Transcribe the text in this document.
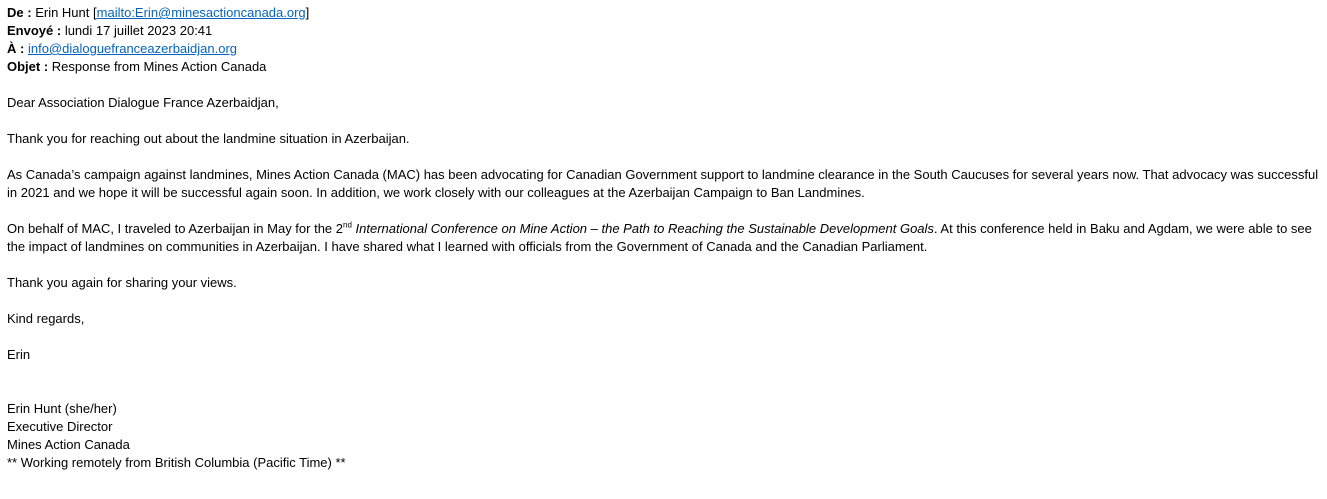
De : Erin Hunt [mailto:Erin@minesactioncanada.org]
Envoyé : lundi 17 juillet 2023 20:41
À : info@dialoguefranceazerbaidjan.org
Objet : Response from Mines Action Canada

Dear Association Dialogue France Azerbaidjan,

Thank you for reaching out about the landmine situation in Azerbaijan.

As Canada’s campaign against landmines, Mines Action Canada (MAC) has been advocating for Canadian Government support to landmine clearance in the South Caucuses for several years now. That advocacy was successful in 2021 and we hope it will be successful again soon. In addition, we work closely with our colleagues at the Azerbaijan Campaign to Ban Landmines.

On behalf of MAC, I traveled to Azerbaijan in May for the 2nd International Conference on Mine Action – the Path to Reaching the Sustainable Development Goals. At this conference held in Baku and Agdam, we were able to see the impact of landmines on communities in Azerbaijan. I have shared what I learned with officials from the Government of Canada and the Canadian Parliament.

Thank you again for sharing your views.

Kind regards,

Erin

Erin Hunt (she/her)
Executive Director
Mines Action Canada
** Working remotely from British Columbia (Pacific Time) **
